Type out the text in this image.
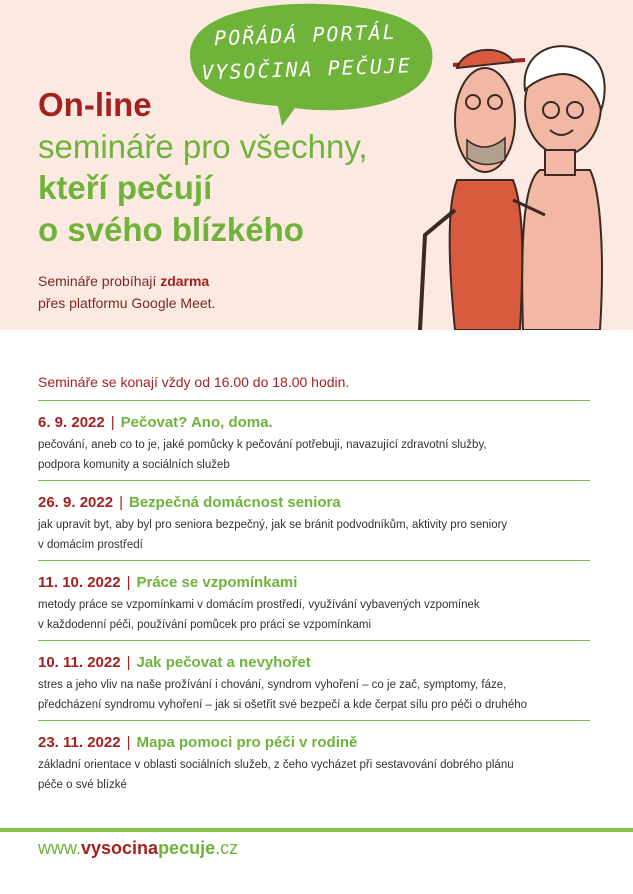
POŘÁDÁ PORTÁL
VYSOČINA PEČUJE
On-line
semináře pro všechny,
kteří pečují
o svého blízkého
Semináře probíhají zdarma
přes platformu Google Meet.
Semináře se konají vždy od 16.00 do 18.00 hodin.
6. 9. 2022 | Pečovat? Ano, doma.
pečování, aneb co to je, jaké pomůcky k pečování potřebuji, navazující zdravotní služby,
podpora komunity a sociálních služeb
26. 9. 2022 | Bezpečná domácnost seniora
jak upravit byt, aby byl pro seniora bezpečný, jak se bránit podvodníkům, aktivity pro seniory
v domácím prostředí
11. 10. 2022 | Práce se vzpomínkami
metody práce se vzpomínkami v domácím prostředí, využívání vybavených vzpomínek
v každodenní péči, používání pomůcek pro práci se vzpomínkami
10. 11. 2022 | Jak pečovat a nevyhořet
stres a jeho vliv na naše prožívání i chování, syndrom vyhoření – co je zač, symptomy, fáze,
předcházení syndromu vyhoření – jak si ošetřit své bezpečí a kde čerpat sílu pro péči o druhého
23. 11. 2022 | Mapa pomoci pro péči v rodině
základní orientace v oblasti sociálních služeb, z čeho vycházet při sestavování dobrého plánu
péče o své blízké
www.vysocinapecuje.cz
